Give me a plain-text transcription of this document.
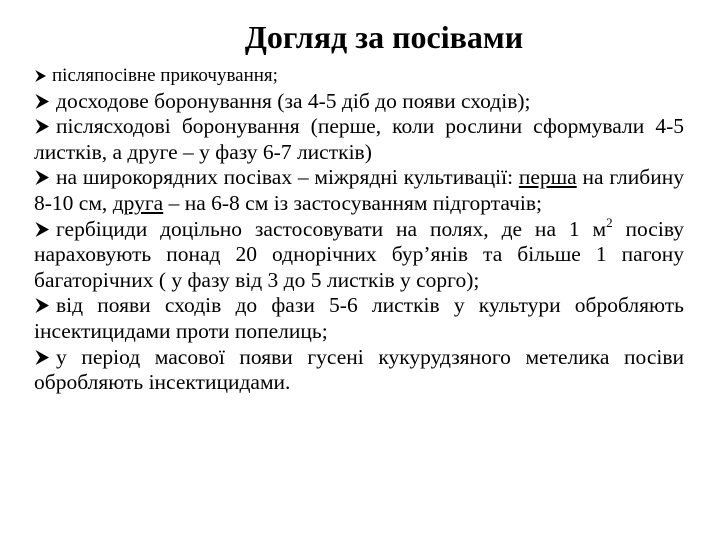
Догляд за посівами

післяпосівне прикочування;

досходове боронування (за 4-5 діб до появи сходів);

післясходові боронування (перше, коли рослини сформували 4-5 листків, а друге – у фазу 6-7 листків)

на широкорядних посівах – міжрядні культивації: перша на глибину 8-10 см, друга – на 6-8 см із застосуванням підгортачів;

гербіциди доцільно застосовувати на полях, де на 1 $м^2$ посіву нараховують понад 20 однорічних бур’янів та більше 1 пагону багаторічних ( у фазу від 3 до 5 листків у сорго);

від появи сходів до фази 5-6 листків у культури обробляють інсектицидами проти попелиць;

у період масової появи гусені кукурудзяного метелика посіви обробляють інсектицидами.
